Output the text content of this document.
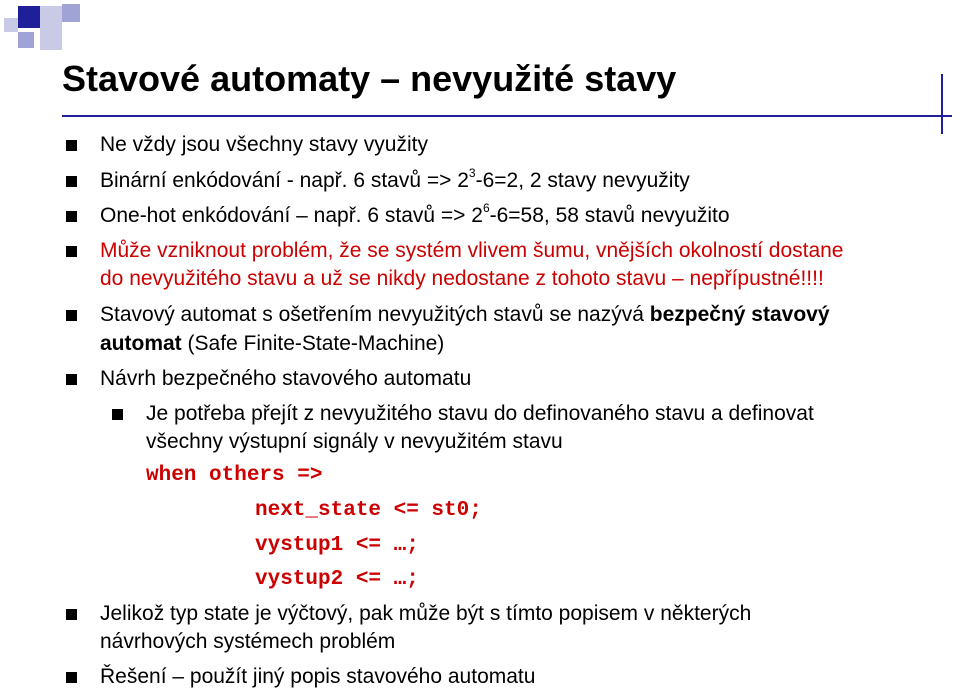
Stavové automaty – nevyužité stavy
Ne vždy jsou všechny stavy využity
Binární enkódování - např. 6 stavů => $2^3-6=2$, 2 stavy nevyužity
One-hot enkódování – např. 6 stavů => $2^6-6=58$, 58 stavů nevyužito
Může vzniknout problém, že se systém vlivem šumu, vnějších okolností dostane
do nevyužitého stavu a už se nikdy nedostane z tohoto stavu – nepřípustné!!!!
Stavový automat s ošetřením nevyužitých stavů se nazývá bezpečný stavový
automat (Safe Finite-State-Machine)
Návrh bezpečného stavového automatu
Je potřeba přejít z nevyužitého stavu do definovaného stavu a definovat
všechny výstupní signály v nevyužitém stavu
when others =>
next_state <= st0;
vystup1 <= …;
vystup2 <= …;
Jelikož typ state je výčtový, pak může být s tímto popisem v některých
návrhových systémech problém
Řešení – použít jiný popis stavového automatu
